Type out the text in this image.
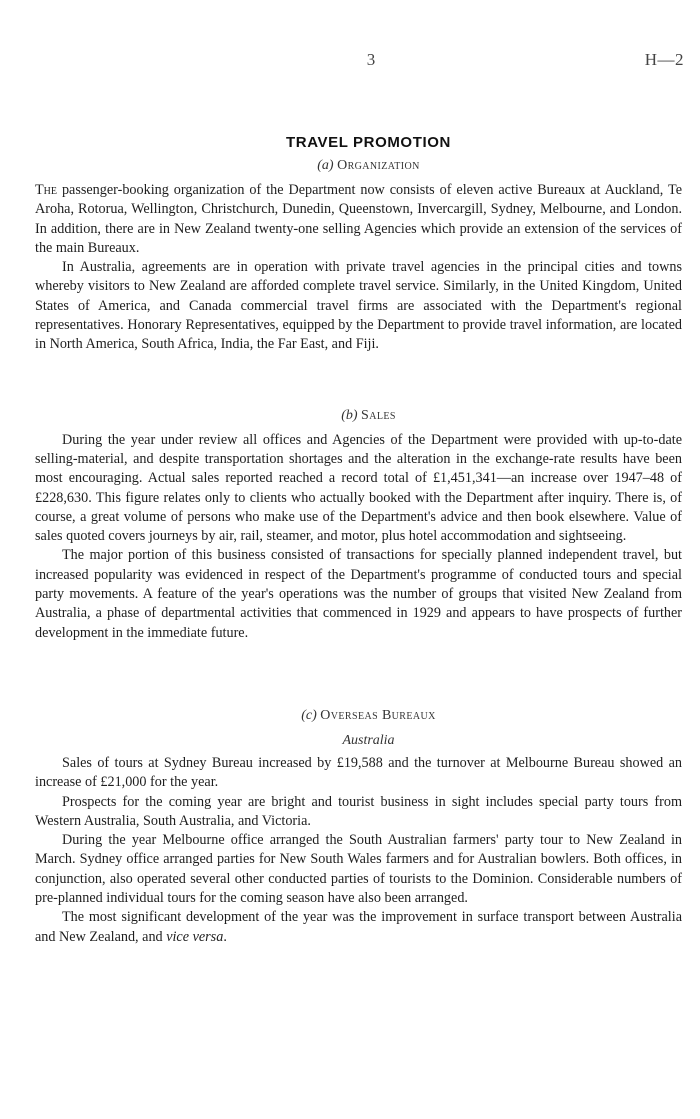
3	H—2
TRAVEL PROMOTION
(a) Organization

The passenger-booking organization of the Department now consists of eleven active Bureaux at Auckland, Te Aroha, Rotorua, Wellington, Christchurch, Dunedin, Queenstown, Invercargill, Sydney, Melbourne, and London. In addition, there are in New Zealand twenty-one selling Agencies which provide an extension of the services of the main Bureaux.

In Australia, agreements are in operation with private travel agencies in the principal cities and towns whereby visitors to New Zealand are afforded complete travel service. Similarly, in the United Kingdom, United States of America, and Canada commercial travel firms are associated with the Department's regional representatives. Honorary Representatives, equipped by the Department to provide travel information, are located in North America, South Africa, India, the Far East, and Fiji.

(b) Sales

During the year under review all offices and Agencies of the Department were provided with up-to-date selling-material, and despite transportation shortages and the alteration in the exchange-rate results have been most encouraging. Actual sales reported reached a record total of £1,451,341—an increase over 1947–48 of £228,630. This figure relates only to clients who actually booked with the Department after inquiry. There is, of course, a great volume of persons who make use of the Department's advice and then book elsewhere. Value of sales quoted covers journeys by air, rail, steamer, and motor, plus hotel accommodation and sightseeing.

The major portion of this business consisted of transactions for specially planned independent travel, but increased popularity was evidenced in respect of the Department's programme of conducted tours and special party movements. A feature of the year's operations was the number of groups that visited New Zealand from Australia, a phase of departmental activities that commenced in 1929 and appears to have prospects of further development in the immediate future.

(c) Overseas Bureaux
Australia

Sales of tours at Sydney Bureau increased by £19,588 and the turnover at Melbourne Bureau showed an increase of £21,000 for the year.

Prospects for the coming year are bright and tourist business in sight includes special party tours from Western Australia, South Australia, and Victoria.

During the year Melbourne office arranged the South Australian farmers' party tour to New Zealand in March. Sydney office arranged parties for New South Wales farmers and for Australian bowlers. Both offices, in conjunction, also operated several other conducted parties of tourists to the Dominion. Considerable numbers of pre-planned individual tours for the coming season have also been arranged.

The most significant development of the year was the improvement in surface transport between Australia and New Zealand, and vice versa.
